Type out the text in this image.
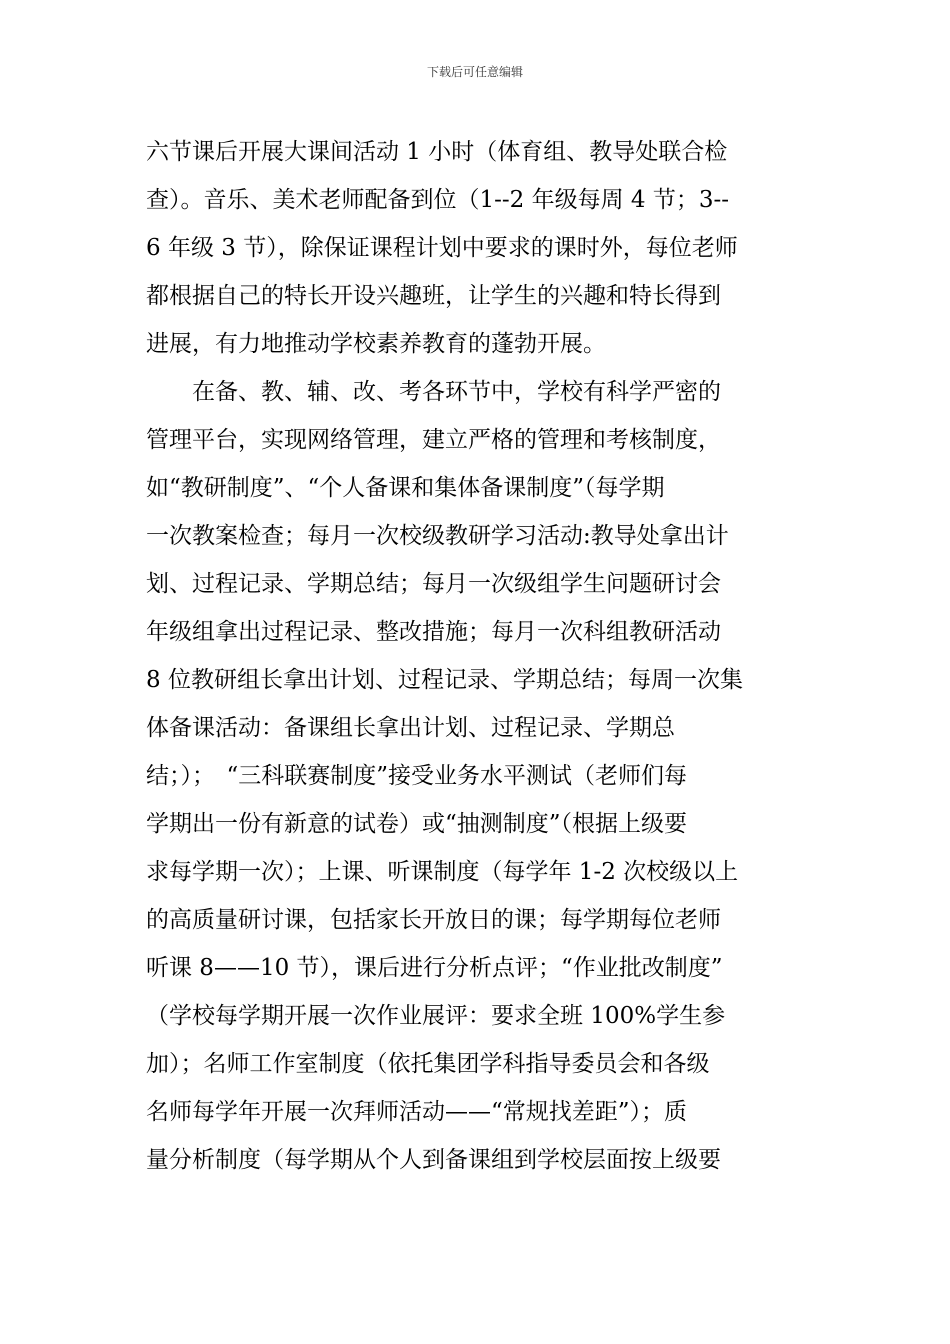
下载后可任意编辑
六节课后开展大课间活动 1 小时（体育组、教导处联合检
查）。音乐、美术老师配备到位（1--2 年级每周 4 节；3--
6 年级 3 节），除保证课程计划中要求的课时外，每位老师
都根据自己的特长开设兴趣班，让学生的兴趣和特长得到
进展，有力地推动学校素养教育的蓬勃开展。
　　在备、教、辅、改、考各环节中，学校有科学严密的
管理平台，实现网络管理，建立严格的管理和考核制度，
如“教研制度”、“个人备课和集体备课制度”（每学期
一次教案检查；每月一次校级教研学习活动:教导处拿出计
划、过程记录、学期总结；每月一次级组学生问题研讨会
年级组拿出过程记录、整改措施；每月一次科组教研活动
8 位教研组长拿出计划、过程记录、学期总结；每周一次集
体备课活动：备课组长拿出计划、过程记录、学期总
结；）；　“三科联赛制度”接受业务水平测试（老师们每
学期出一份有新意的试卷）或“抽测制度”（根据上级要
求每学期一次）；上课、听课制度（每学年 1-2 次校级以上
的高质量研讨课，包括家长开放日的课；每学期每位老师
听课 8——10 节），课后进行分析点评；“作业批改制度”
（学校每学期开展一次作业展评：要求全班 100%学生参
加）；名师工作室制度（依托集团学科指导委员会和各级
名师每学年开展一次拜师活动——“常规找差距”）；质
量分析制度（每学期从个人到备课组到学校层面按上级要
